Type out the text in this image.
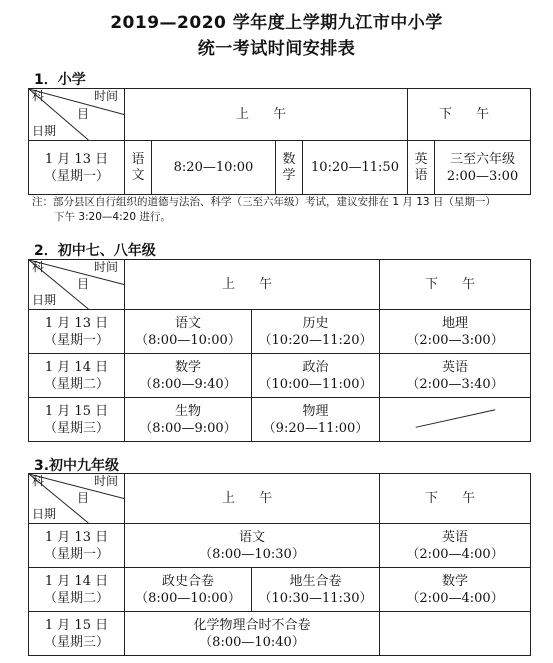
2019—2020 学年度上学期九江市中小学
统一考试时间安排表
1．小学
科 时间
目
日期	上 午				下 午	
1 月 13 日
（星期一）	语文	8:20—10:00	数学	10:20—11:50	英语	三至六年级
2:00—3:00
注：部分县区自行组织的道德与法治、科学（三至六年级）考试，建议安排在 1 月 13 日（星期一）
下午 3:20—4:20 进行。
2．初中七、八年级
科 时间
目
日期	上 午		下 午
1 月 13 日
（星期一）	语文
（8:00—10:00）	历史
（10:20—11:20）	地理
（2:00—3:00）
1 月 14 日
（星期二）	数学
（8:00—9:40）	政治
（10:00—11:00）	英语
（2:00—3:40）
1 月 15 日
（星期三）	生物
（8:00—9:00）	物理
（9:20—11:00）	
3.初中九年级
科 时间
目
日期	上 午		下 午
1 月 13 日
（星期一）	语文
（8:00—10:30）		英语
（2:00—4:00）
1 月 14 日
（星期二）	政史合卷
（8:00—10:00）	地生合卷
（10:30—11:30）	数学
（2:00—4:00）
1 月 15 日
（星期三）	化学物理合时不合卷
（8:00—10:40）		
